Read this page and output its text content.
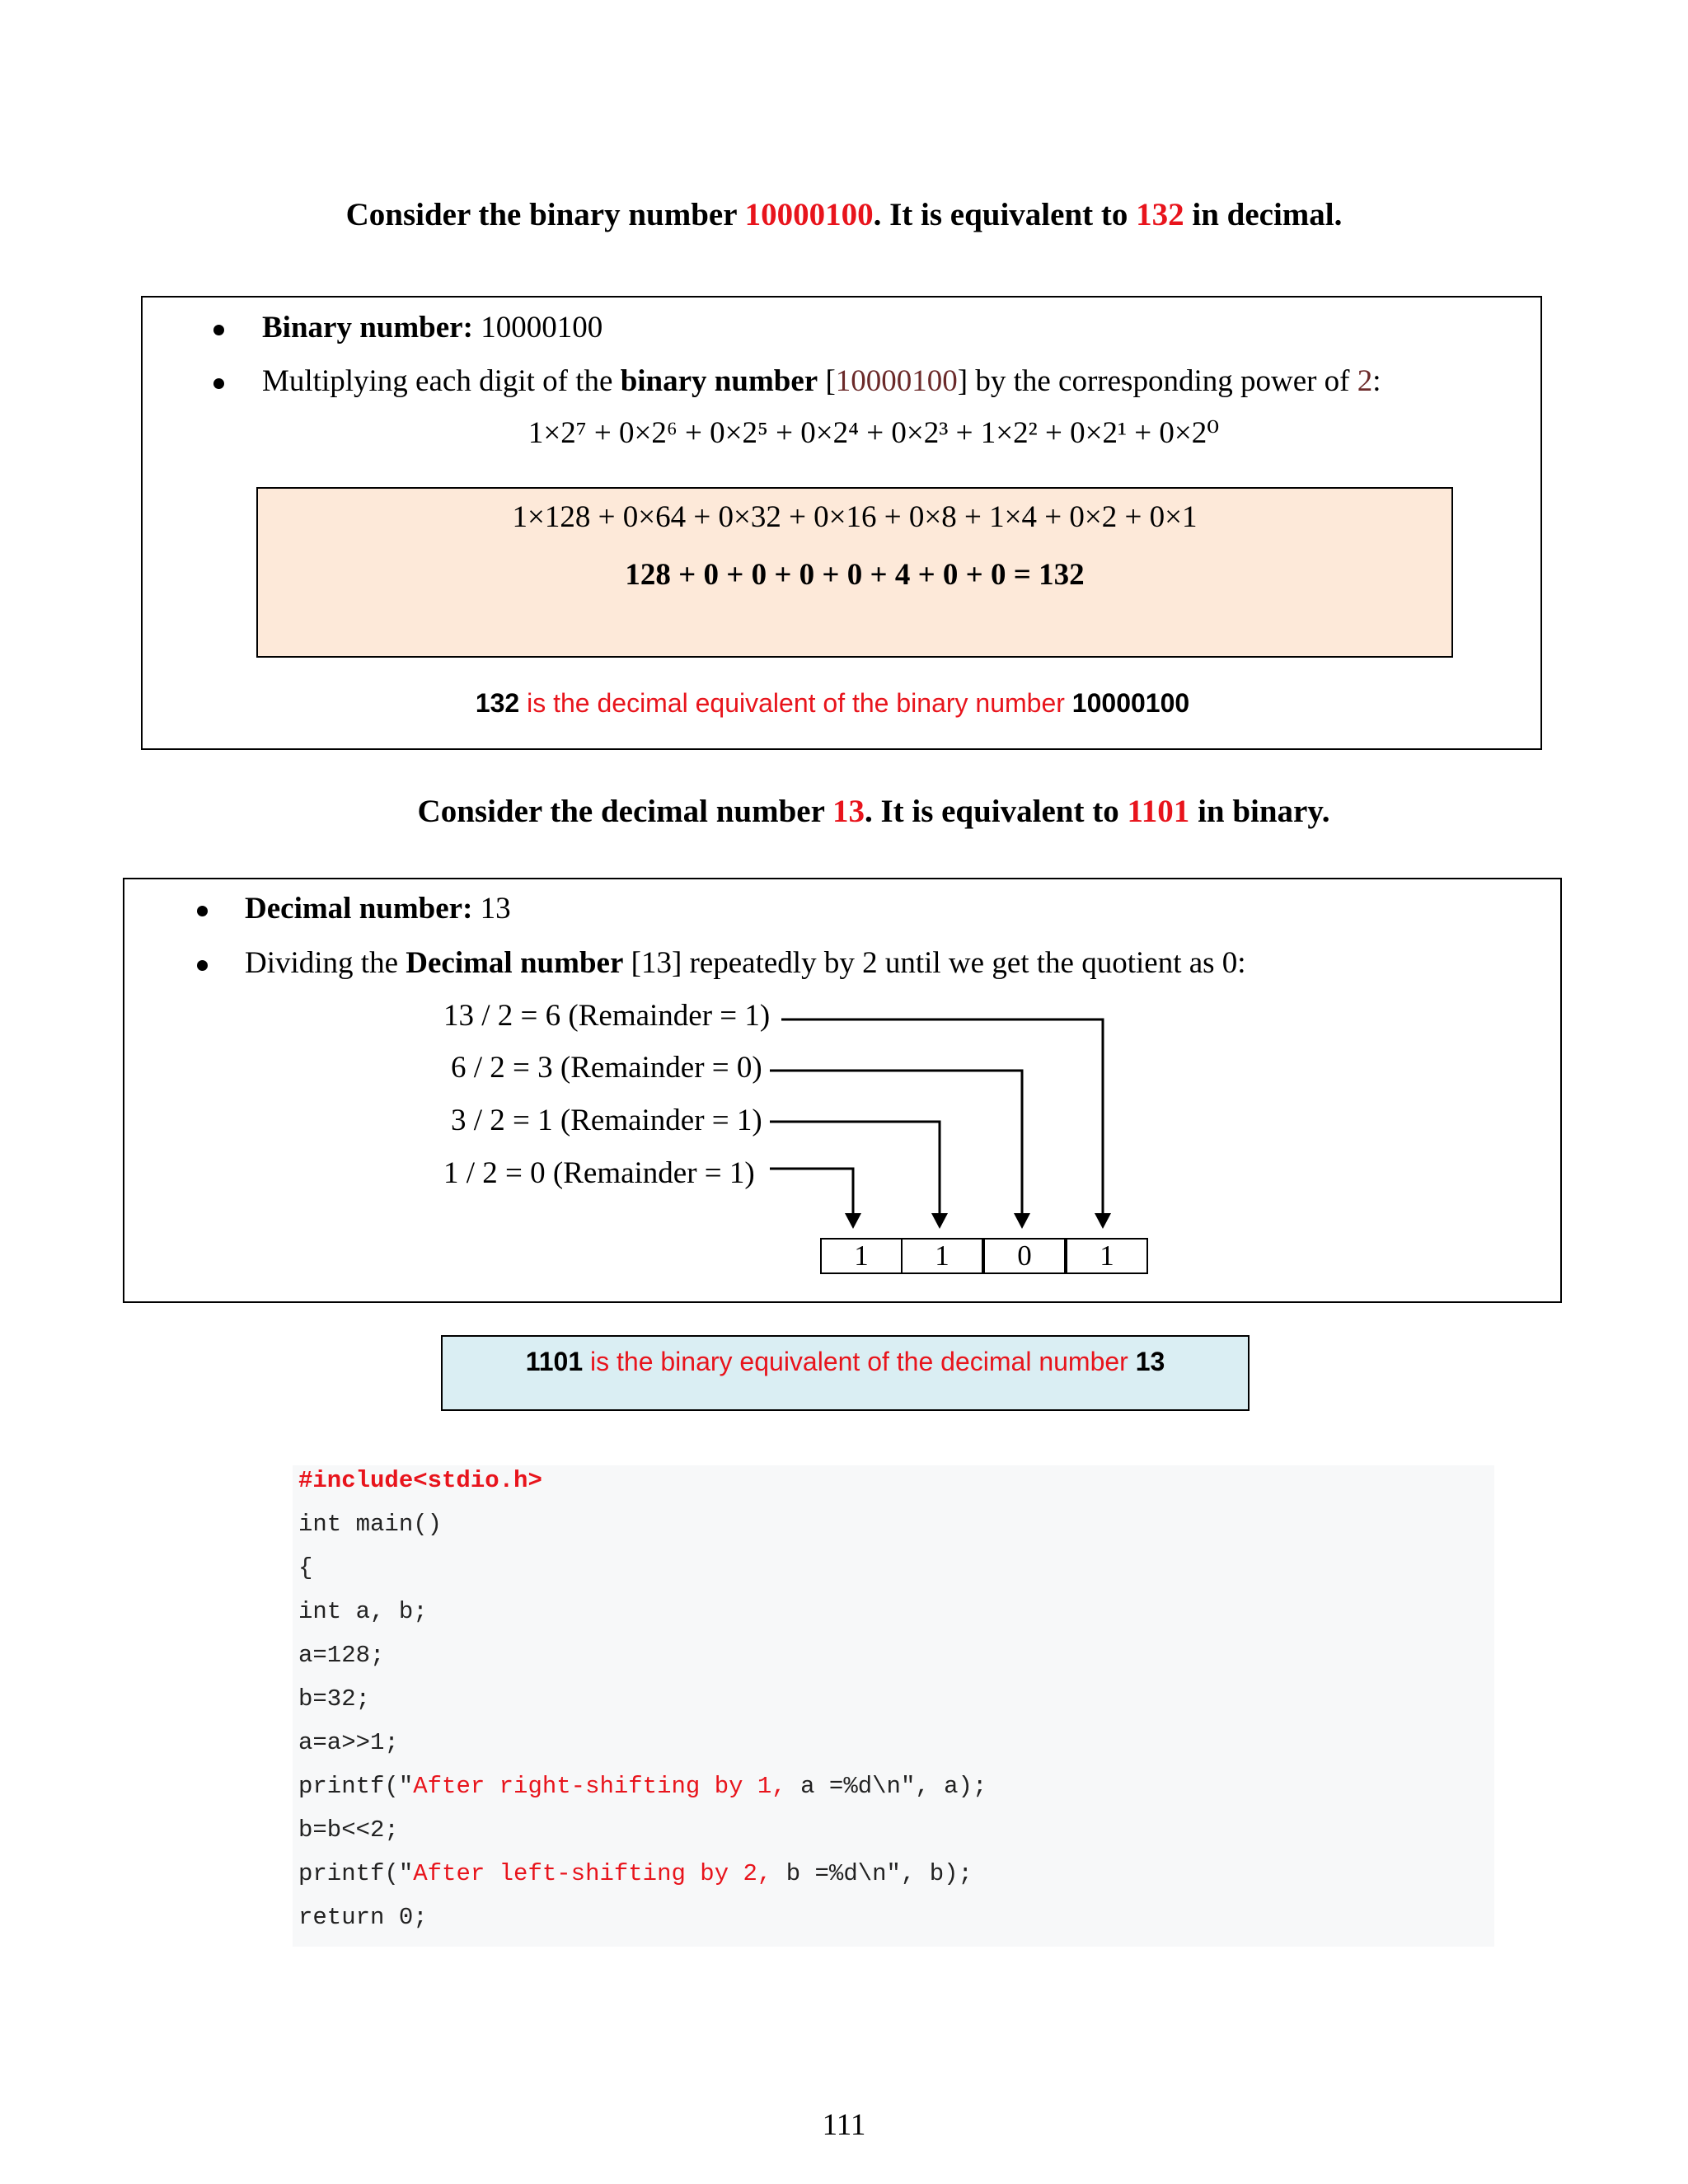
Consider the binary number 10000100. It is equivalent to 132 in decimal.
Binary number: 10000100
Multiplying each digit of the binary number [10000100] by the corresponding power of 2:
1×2⁷ + 0×2⁶ + 0×2⁵ + 0×2⁴ + 0×2³ + 1×2² + 0×2¹ + 0×2⁰
1×128 + 0×64 + 0×32 + 0×16 + 0×8 + 1×4 + 0×2 + 0×1
128 + 0 + 0 + 0 + 0 + 4 + 0 + 0 = 132
132 is the decimal equivalent of the binary number 10000100
Consider the decimal number 13. It is equivalent to 1101 in binary.
Decimal number: 13
Dividing the Decimal number [13] repeatedly by 2 until we get the quotient as 0:
13 / 2 = 6 (Remainder = 1)
6 / 2 = 3 (Remainder = 0)
3 / 2 = 1 (Remainder = 1)
1 / 2 = 0 (Remainder = 1)
1	1	0	1
1101 is the binary equivalent of the decimal number 13
#include<stdio.h>
int main()
{
int a, b;
a=128;
b=32;
a=a>>1;
printf("After right-shifting by 1, a =%d\n", a);
b=b<<2;
printf("After left-shifting by 2, b =%d\n", b);
return 0;
111
